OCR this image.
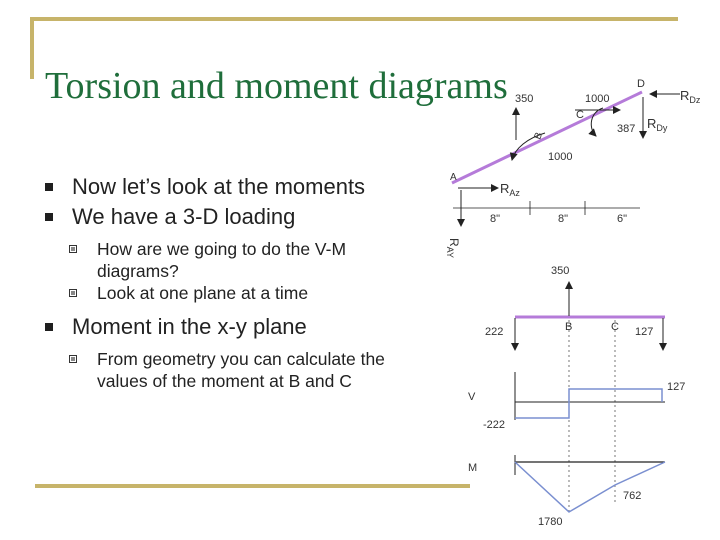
Torsion and moment diagrams
Now let’s look at the moments
We have a 3-D loading
How are we going to do the V-M diagrams?
Look at one plane at a time
Moment in the x-y plane
From geometry you can calculate the values of the moment at B and C
D
C
A
B
350	1000
1000
387
$R_{Dz}$
$R_{Dy}$
$R_{Az}$
$R_{AY}$
8"	8"	6"
350
222	127
B	C
V
127
-222
M
762
1780
